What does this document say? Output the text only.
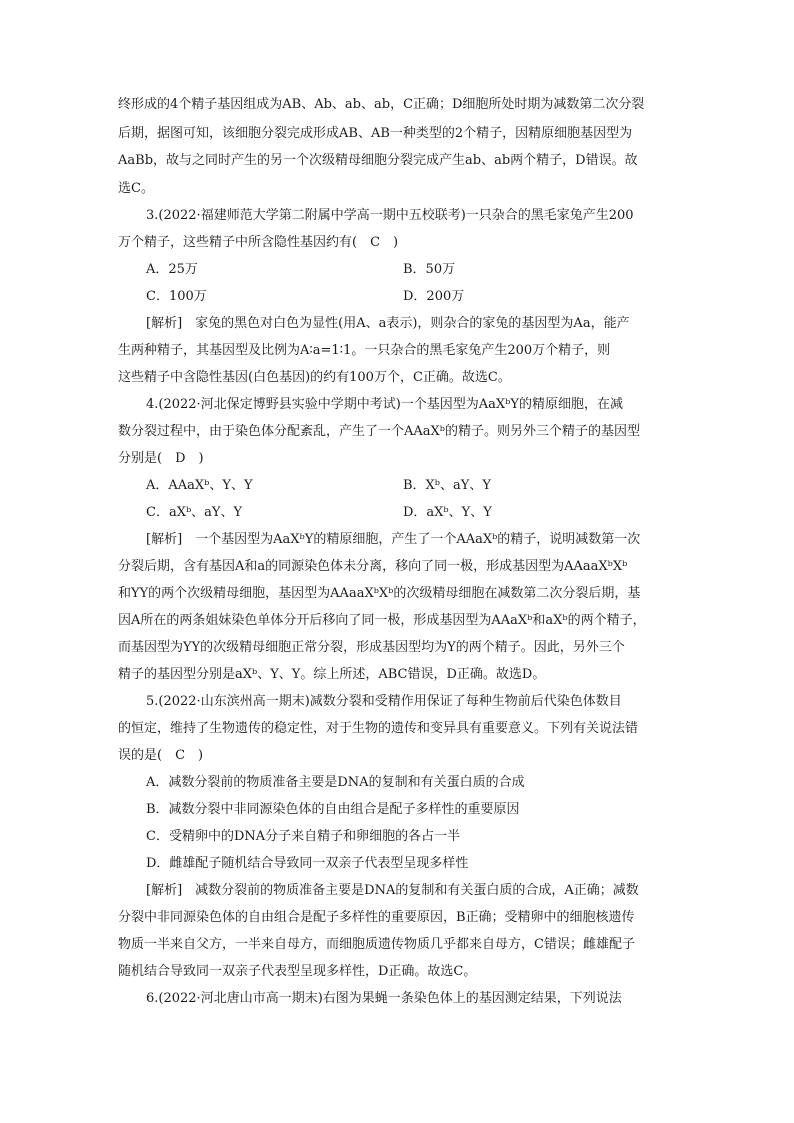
终形成的4个精子基因组成为AB、Ab、ab、ab，C正确；D细胞所处时期为减数第二次分裂
后期，据图可知，该细胞分裂完成形成AB、AB一种类型的2个精子，因精原细胞基因型为
AaBb，故与之同时产生的另一个次级精母细胞分裂完成产生ab、ab两个精子，D错误。故
选C。
3.(2022·福建师范大学第二附属中学高一期中五校联考)一只杂合的黑毛家兔产生200
万个精子，这些精子中所含隐性基因约有(　C　)
A．25万	B．50万
C．100万	D．200万
[解析]　家兔的黑色对白色为显性(用A、a表示)，则杂合的家兔的基因型为Aa，能产
生两种精子，其基因型及比例为A∶a=1∶1。一只杂合的黑毛家兔产生200万个精子，则
这些精子中含隐性基因(白色基因)的约有100万个，C正确。故选C。
4.(2022·河北保定博野县实验中学期中考试)一个基因型为AaXᵇY的精原细胞，在减
数分裂过程中，由于染色体分配紊乱，产生了一个AAaXᵇ的精子。则另外三个精子的基因型
分别是(　D　)
A．AAaXᵇ、Y、Y	B．Xᵇ、aY、Y
C．aXᵇ、aY、Y	D．aXᵇ、Y、Y
[解析]　一个基因型为AaXᵇY的精原细胞，产生了一个AAaXᵇ的精子，说明减数第一次
分裂后期，含有基因A和a的同源染色体未分离，移向了同一极，形成基因型为AAaaXᵇXᵇ
和YY的两个次级精母细胞，基因型为AAaaXᵇXᵇ的次级精母细胞在减数第二次分裂后期，基
因A所在的两条姐妹染色单体分开后移向了同一极，形成基因型为AAaXᵇ和aXᵇ的两个精子，
而基因型为YY的次级精母细胞正常分裂，形成基因型均为Y的两个精子。因此，另外三个
精子的基因型分别是aXᵇ、Y、Y。综上所述，ABC错误，D正确。故选D。
5.(2022·山东滨州高一期末)减数分裂和受精作用保证了每种生物前后代染色体数目
的恒定，维持了生物遗传的稳定性，对于生物的遗传和变异具有重要意义。下列有关说法错
误的是(　C　)
A．减数分裂前的物质准备主要是DNA的复制和有关蛋白质的合成
B．减数分裂中非同源染色体的自由组合是配子多样性的重要原因
C．受精卵中的DNA分子来自精子和卵细胞的各占一半
D．雌雄配子随机结合导致同一双亲子代表型呈现多样性
[解析]　减数分裂前的物质准备主要是DNA的复制和有关蛋白质的合成，A正确；减数
分裂中非同源染色体的自由组合是配子多样性的重要原因，B正确；受精卵中的细胞核遗传
物质一半来自父方，一半来自母方，而细胞质遗传物质几乎都来自母方，C错误；雌雄配子
随机结合导致同一双亲子代表型呈现多样性，D正确。故选C。
6.(2022·河北唐山市高一期末)右图为果蝇一条染色体上的基因测定结果，下列说法
